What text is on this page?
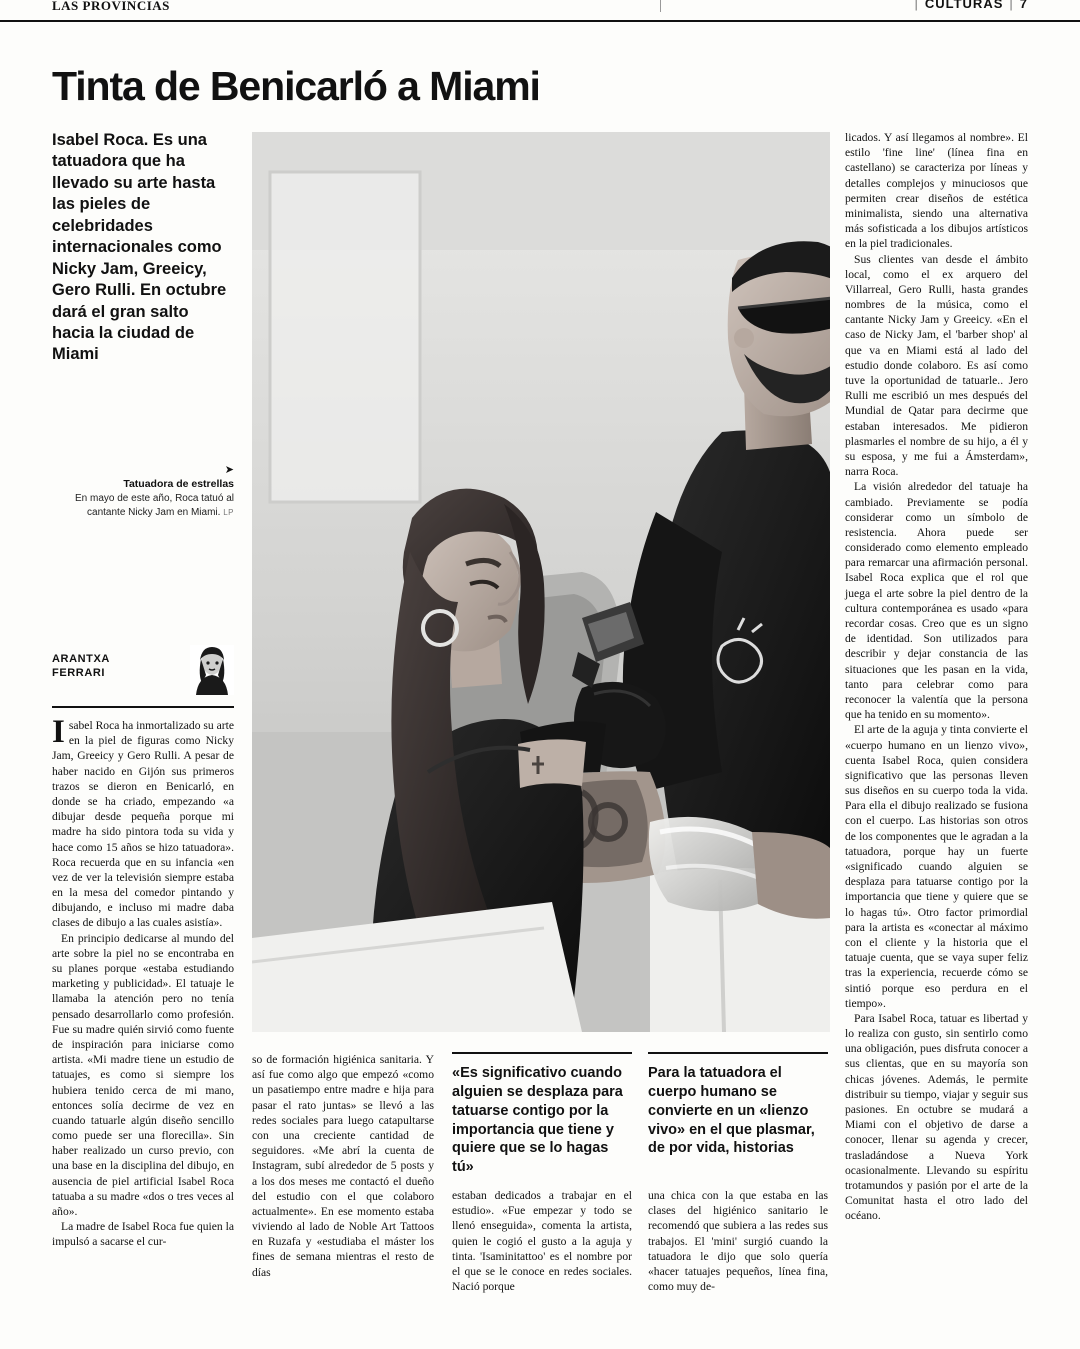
LAS PROVINCIAS	| CULTURAS | 7
Tinta de Benicarló a Miami
Isabel Roca. Es una tatuadora que ha llevado su arte hasta las pieles de celebridades internacionales como Nicky Jam, Greeicy, Gero Rulli. En octubre dará el gran salto hacia la ciudad de Miami
➤
Tatuadora de estrellas
En mayo de este año, Roca tatuó al cantante Nicky Jam en Miami. LP
ARANTXA
FERRARI

Isabel Roca ha inmortalizado su arte en la piel de figuras como Nicky Jam, Greeicy y Gero Rulli. A pesar de haber nacido en Gijón sus primeros trazos se dieron en Benicarló, en donde se ha criado, empezando «a dibujar desde pequeña porque mi madre ha sido pintora toda su vida y hace como 15 años se hizo tatuadora». Roca recuerda que en su infancia «en vez de ver la televisión siempre estaba en la mesa del comedor pintando y dibujando, e incluso mi madre daba clases de dibujo a las cuales asistía».

En principio dedicarse al mundo del arte sobre la piel no se encontraba en su planes porque «estaba estudiando marketing y publicidad». El tatuaje le llamaba la atención pero no tenía pensado desarrollarlo como profesión. Fue su madre quién sirvió como fuente de inspiración para iniciarse como artista. «Mi madre tiene un estudio de tatuajes, es como si siempre los hubiera tenido cerca de mi mano, entonces solía decirme de vez en cuando tatuarle algún diseño sencillo como puede ser una florecilla». Sin haber realizado un curso previo, con una base en la disciplina del dibujo, en ausencia de piel artificial Isabel Roca tatuaba a su madre «dos o tres veces al año».

La madre de Isabel Roca fue quien la impulsó a sacarse el cur-

so de formación higiénica sanitaria. Y así fue como algo que empezó «como un pasatiempo entre madre e hija para pasar el rato juntas» se llevó a las redes sociales para luego catapultarse con una creciente cantidad de seguidores. «Me abrí la cuenta de Instagram, subí alrededor de 5 posts y a los dos meses me contactó el dueño del estudio con el que colaboro actualmente». En ese momento estaba viviendo al lado de Noble Art Tattoos en Ruzafa y «estudiaba el máster los fines de semana mientras el resto de días

«Es significativo cuando alguien se desplaza para tatuarse contigo por la importancia que tiene y quiere que se lo hagas tú»
Para la tatuadora el cuerpo humano se convierte en un «lienzo vivo» en el que plasmar, de por vida, historias

estaban dedicados a trabajar en el estudio». «Fue empezar y todo se llenó enseguida», comenta la artista, quien le cogió el gusto a la aguja y tinta. 'Isaminitattoo' es el nombre por el que se le conoce en redes sociales. Nació porque

una chica con la que estaba en las clases del higiénico sanitario le recomendó que subiera a las redes sus trabajos. El 'mini' surgió cuando la tatuadora le dijo que solo quería «hacer tatuajes pequeños, línea fina, como muy de-

licados. Y así llegamos al nombre». El estilo 'fine line' (línea fina en castellano) se caracteriza por líneas y detalles complejos y minuciosos que permiten crear diseños de estética minimalista, siendo una alternativa más sofisticada a los dibujos artísticos en la piel tradicionales.

Sus clientes van desde el ámbito local, como el ex arquero del Villarreal, Gero Rulli, hasta grandes nombres de la música, como el cantante Nicky Jam y Greeicy. «En el caso de Nicky Jam, el 'barber shop' al que va en Miami está al lado del estudio donde colaboro. Es así como tuve la oportunidad de tatuarle.. Jero Rulli me escribió un mes después del Mundial de Qatar para decirme que estaban interesados. Me pidieron plasmarles el nombre de su hijo, a él y su esposa, y me fui a Ámsterdam», narra Roca.

La visión alrededor del tatuaje ha cambiado. Previamente se podía considerar como un símbolo de resistencia. Ahora puede ser considerado como elemento empleado para remarcar una afirmación personal. Isabel Roca explica que el rol que juega el arte sobre la piel dentro de la cultura contemporánea es usado «para recordar cosas. Creo que es un signo de identidad. Son utilizados para describir y dejar constancia de las situaciones que les pasan en la vida, tanto para celebrar como para reconocer la valentía que la persona que ha tenido en su momento».

El arte de la aguja y tinta convierte el «cuerpo humano en un lienzo vivo», cuenta Isabel Roca, quien considera significativo que las personas lleven sus diseños en su cuerpo toda la vida. Para ella el dibujo realizado se fusiona con el cuerpo. Las historias son otros de los componentes que le agradan a la tatuadora, porque hay un fuerte «significado cuando alguien se desplaza para tatuarse contigo por la importancia que tiene y quiere que se lo hagas tú». Otro factor primordial para la artista es «conectar al máximo con el cliente y la historia que el tatuaje cuenta, que se vaya super feliz tras la experiencia, recuerde cómo se sintió porque eso perdura en el tiempo».

Para Isabel Roca, tatuar es libertad y lo realiza con gusto, sin sentirlo como una obligación, pues disfruta conocer a sus clientas, que en su mayoría son chicas jóvenes. Además, le permite distribuir su tiempo, viajar y seguir sus pasiones. En octubre se mudará a Miami con el objetivo de darse a conocer, llenar su agenda y crecer, trasladándose a Nueva York ocasionalmente. Llevando su espíritu trotamundos y pasión por el arte de la Comunitat hasta el otro lado del océano.
